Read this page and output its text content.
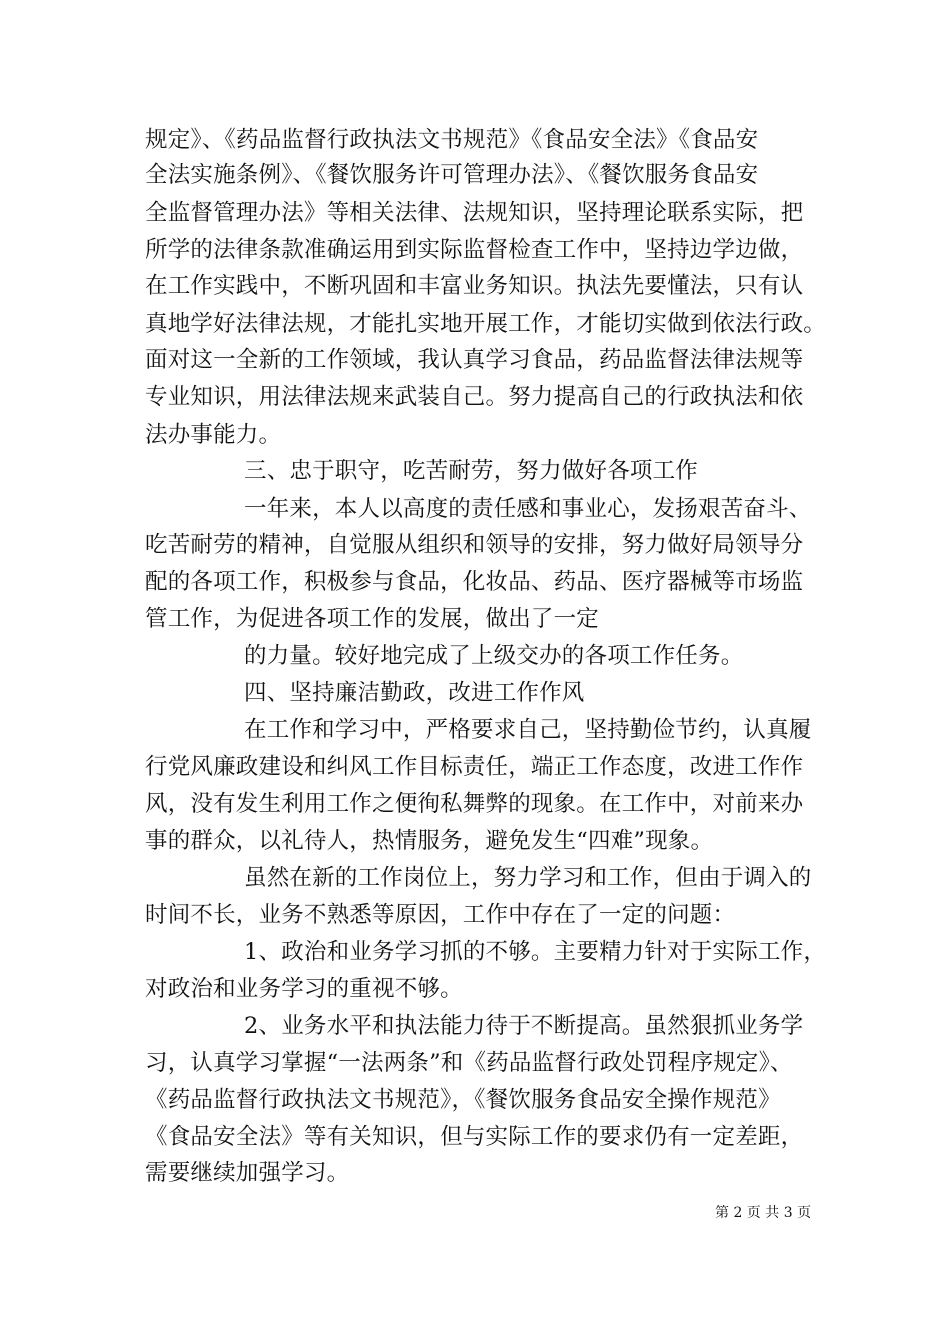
规定》、《药品监督行政执法文书规范》《食品安全法》《食品安
全法实施条例》、《餐饮服务许可管理办法》、《餐饮服务食品安
全监督管理办法》等相关法律、法规知识，坚持理论联系实际，把
所学的法律条款准确运用到实际监督检查工作中，坚持边学边做，
在工作实践中，不断巩固和丰富业务知识。执法先要懂法，只有认
真地学好法律法规，才能扎实地开展工作，才能切实做到依法行政。
面对这一全新的工作领域，我认真学习食品，药品监督法律法规等
专业知识，用法律法规来武装自己。努力提高自己的行政执法和依
法办事能力。
三、忠于职守，吃苦耐劳，努力做好各项工作
一年来，本人以高度的责任感和事业心，发扬艰苦奋斗、
吃苦耐劳的精神，自觉服从组织和领导的安排，努力做好局领导分
配的各项工作，积极参与食品，化妆品、药品、医疗器械等市场监
管工作，为促进各项工作的发展，做出了一定
的力量。较好地完成了上级交办的各项工作任务。
四、坚持廉洁勤政，改进工作作风
在工作和学习中，严格要求自己，坚持勤俭节约，认真履
行党风廉政建设和纠风工作目标责任，端正工作态度，改进工作作
风，没有发生利用工作之便徇私舞弊的现象。在工作中，对前来办
事的群众，以礼待人，热情服务，避免发生“四难”现象。
虽然在新的工作岗位上，努力学习和工作，但由于调入的
时间不长，业务不熟悉等原因，工作中存在了一定的问题：
1、政治和业务学习抓的不够。主要精力针对于实际工作，
对政治和业务学习的重视不够。
2、业务水平和执法能力待于不断提高。虽然狠抓业务学
习，认真学习掌握“一法两条”和《药品监督行政处罚程序规定》、
《药品监督行政执法文书规范》，《餐饮服务食品安全操作规范》
《食品安全法》等有关知识，但与实际工作的要求仍有一定差距，
需要继续加强学习。
第 2 页 共 3 页
